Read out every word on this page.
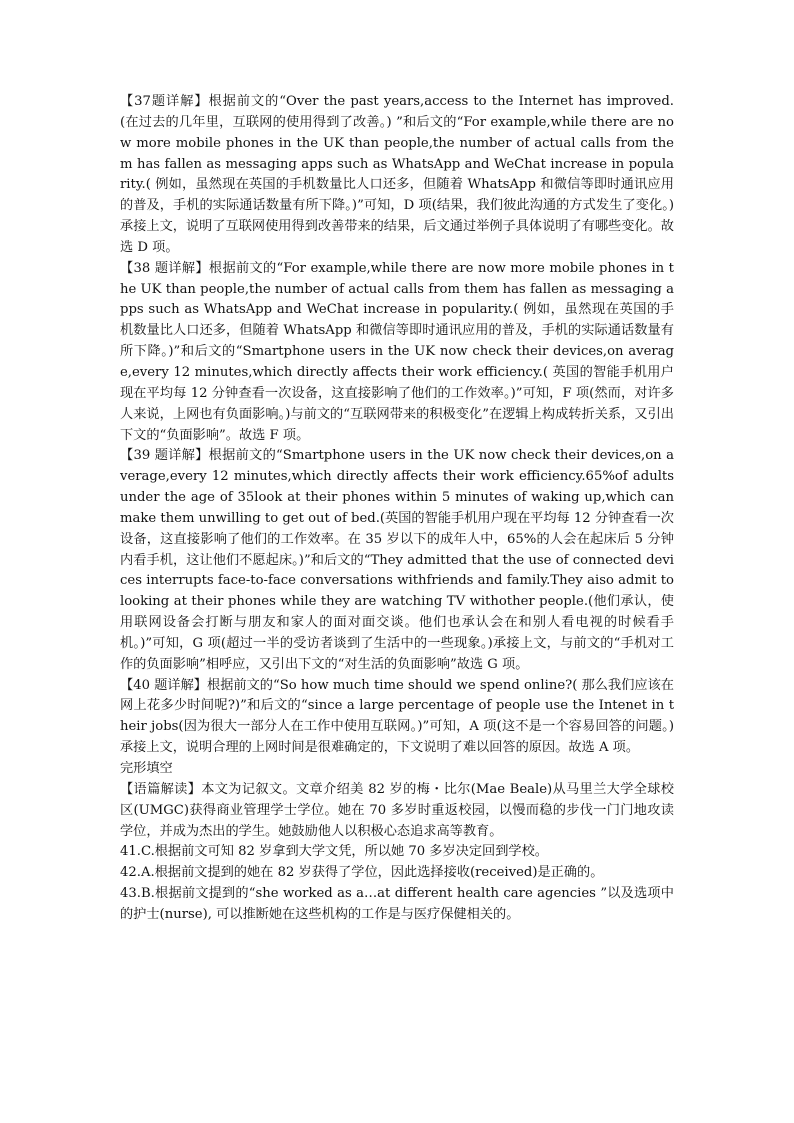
【37题详解】根据前文的“Over the past years,access to the Internet has improved. (在过去的几年里，互联网的使用得到了改善。) ”和后文的“For example,while there are now more mobile phones in the UK than people,the number of actual calls from them has fallen as messaging apps such as WhatsApp and WeChat increase in popularity.( 例如，虽然现在英国的手机数量比人口还多，但随着 WhatsApp 和微信等即时通讯应用的普及，手机的实际通话数量有所下降。)”可知，D 项(结果，我们彼此沟通的方式发生了变化。)承接上文，说明了互联网使用得到改善带来的结果，后文通过举例子具体说明了有哪些变化。故选 D 项。

【38 题详解】根据前文的“For example,while there are now more mobile phones in the UK than people,the number of actual calls from them has fallen as messaging apps such as WhatsApp and WeChat increase in popularity.( 例如，虽然现在英国的手机数量比人口还多，但随着 WhatsApp 和微信等即时通讯应用的普及，手机的实际通话数量有所下降。)”和后文的“Smartphone users in the UK now check their devices,on average,every 12 minutes,which directly affects their work efficiency.( 英国的智能手机用户现在平均每 12 分钟查看一次设备，这直接影响了他们的工作效率。)”可知，F 项(然而，对许多人来说，上网也有负面影响。)与前文的“互联网带来的积极变化”在逻辑上构成转折关系，又引出下文的“负面影响”。故选 F 项。

【39 题详解】根据前文的“Smartphone users in the UK now check their devices,on average,every 12 minutes,which directly affects their work efficiency.65%of adults under the age of 35look at their phones within 5 minutes of waking up,which can make them unwilling to get out of bed.(英国的智能手机用户现在平均每 12 分钟查看一次设备，这直接影响了他们的工作效率。在 35 岁以下的成年人中，65%的人会在起床后 5 分钟内看手机，这让他们不愿起床。)”和后文的“They admitted that the use of connected devices interrupts face-to-face conversations withfriends and family.They aiso admit to looking at their phones while they are watching TV withother people.(他们承认，使用联网设备会打断与朋友和家人的面对面交谈。他们也承认会在和别人看电视的时候看手机。)”可知，G 项(超过一半的受访者谈到了生活中的一些现象。)承接上文，与前文的“手机对工作的负面影响”相呼应，又引出下文的“对生活的负面影响”故选 G 项。

【40 题详解】根据前文的“So how much time should we spend online?( 那么我们应该在网上花多少时间呢?)”和后文的“since a large percentage of people use the Intenet in their jobs(因为很大一部分人在工作中使用互联网。)”可知，A 项(这不是一个容易回答的问题。)承接上文，说明合理的上网时间是很难确定的，下文说明了难以回答的原因。故选 A 项。

完形填空

【语篇解读】本文为记叙文。文章介绍美 82 岁的梅・比尔(Mae Beale)从马里兰大学全球校区(UMGC)获得商业管理学士学位。她在 70 多岁时重返校园，以慢而稳的步伐一门门地攻读学位，并成为杰出的学生。她鼓励他人以积极心态追求高等教育。

41.C.根据前文可知 82 岁拿到大学文凭，所以她 70 多岁决定回到学校。

42.A.根据前文提到的她在 82 岁获得了学位，因此选择接收(received)是正确的。

43.B.根据前文提到的“she worked as a…at different health care agencies ”以及选项中的护士(nurse), 可以推断她在这些机构的工作是与医疗保健相关的。
